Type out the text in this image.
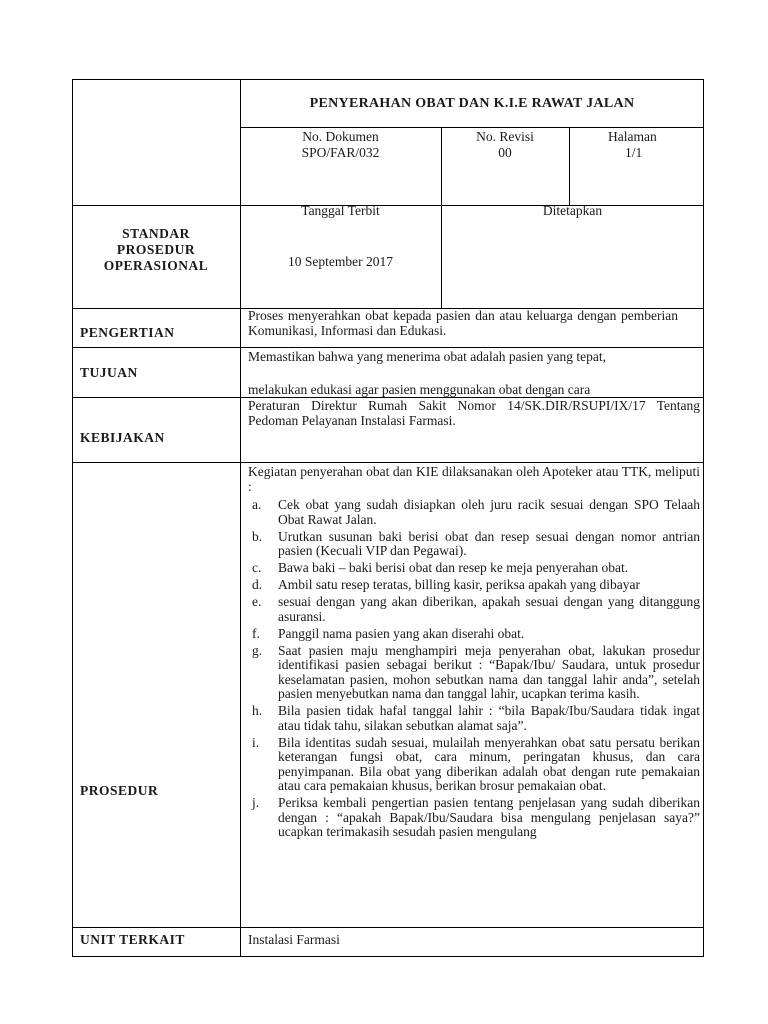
PENYERAHAN OBAT DAN K.I.E RAWAT JALAN
No. Dokumen
SPO/FAR/032
No. Revisi
00
Halaman
1/1
Tanggal Terbit
10 September 2017
Ditetapkan
STANDAR
PROSEDUR
OPERASIONAL
PENGERTIAN
Proses menyerahkan obat kepada pasien dan atau keluarga dengan pemberian Komunikasi, Informasi dan Edukasi.
TUJUAN
Memastikan bahwa yang menerima obat adalah pasien yang tepat,
melakukan edukasi agar pasien menggunakan obat dengan cara
KEBIJAKAN
Peraturan Direktur Rumah Sakit Nomor 14/SK.DIR/RSUPI/IX/17 Tentang Pedoman Pelayanan Instalasi Farmasi.
PROSEDUR
Kegiatan penyerahan obat dan KIE dilaksanakan oleh Apoteker atau TTK, meliputi :
a. Cek obat yang sudah disiapkan oleh juru racik sesuai dengan SPO Telaah Obat Rawat Jalan.
b. Urutkan susunan baki berisi obat dan resep sesuai dengan nomor antrian pasien (Kecuali VIP dan Pegawai).
c. Bawa baki – baki berisi obat dan resep ke meja penyerahan obat.
d. Ambil satu resep teratas, billing kasir, periksa apakah yang dibayar
e. sesuai dengan yang akan diberikan, apakah sesuai dengan yang ditanggung asuransi.
f. Panggil nama pasien yang akan diserahi obat.
g. Saat pasien maju menghampiri meja penyerahan obat, lakukan prosedur identifikasi pasien sebagai berikut : “Bapak/Ibu/ Saudara, untuk prosedur keselamatan pasien, mohon sebutkan nama dan tanggal lahir anda”, setelah pasien menyebutkan nama dan tanggal lahir, ucapkan terima kasih.
h. Bila pasien tidak hafal tanggal lahir : “bila Bapak/Ibu/Saudara tidak ingat atau tidak tahu, silakan sebutkan alamat saja”.
i. Bila identitas sudah sesuai, mulailah menyerahkan obat satu persatu berikan keterangan fungsi obat, cara minum, peringatan khusus, dan cara penyimpanan. Bila obat yang diberikan adalah obat dengan rute pemakaian atau cara pemakaian khusus, berikan brosur pemakaian obat.
j. Periksa kembali pengertian pasien tentang penjelasan yang sudah diberikan dengan : “apakah Bapak/Ibu/Saudara bisa mengulang penjelasan saya?” ucapkan terimakasih sesudah pasien mengulang
UNIT TERKAIT	Instalasi Farmasi
